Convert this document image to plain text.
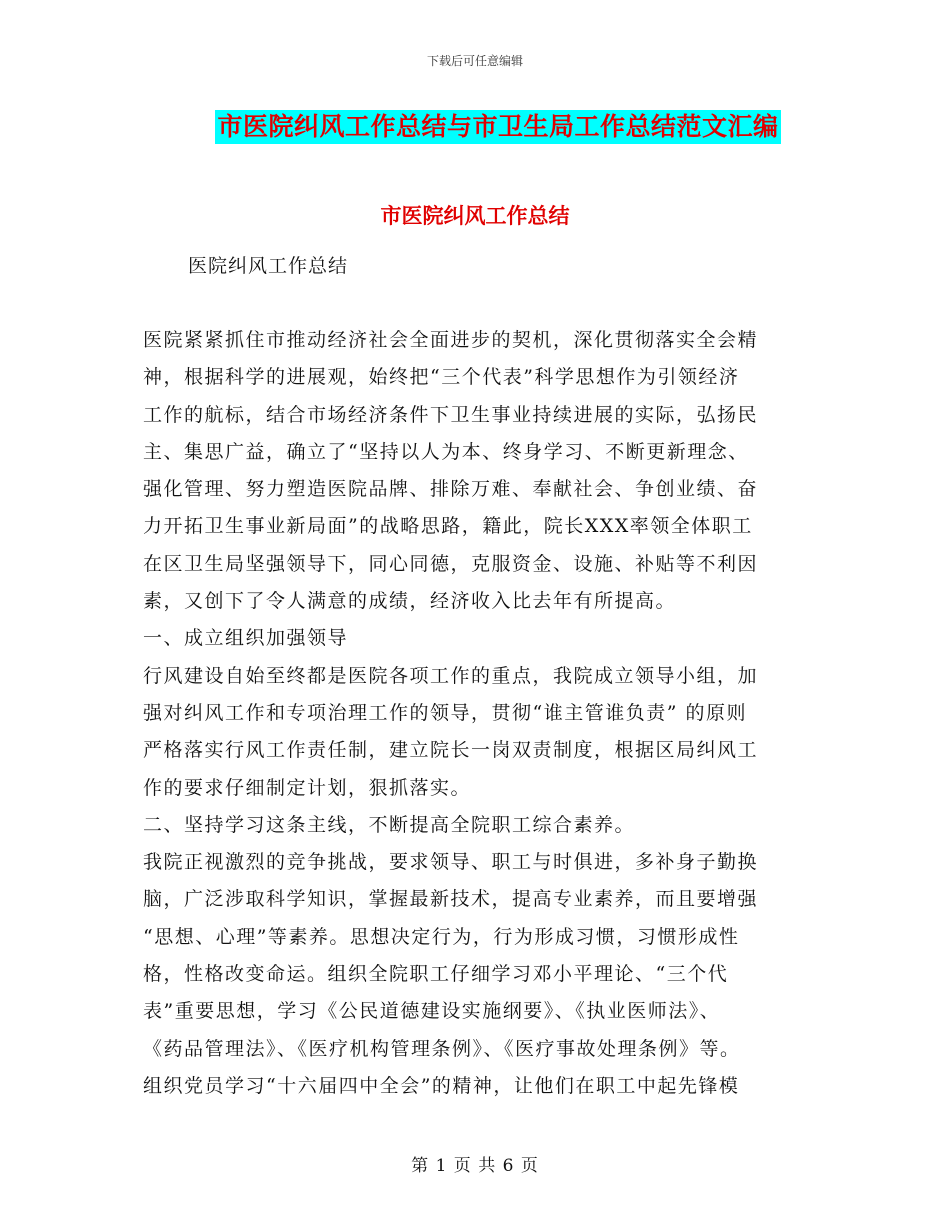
下载后可任意编辑
市医院纠风工作总结与市卫生局工作总结范文汇编
市医院纠风工作总结
医院纠风工作总结

医院紧紧抓住市推动经济社会全面进步的契机，深化贯彻落实全会精

神，根据科学的进展观，始终把“三个代表”科学思想作为引领经济

工作的航标，结合市场经济条件下卫生事业持续进展的实际，弘扬民

主、集思广益，确立了“坚持以人为本、终身学习、不断更新理念、

强化管理、努力塑造医院品牌、排除万难、奉献社会、争创业绩、奋

力开拓卫生事业新局面”的战略思路，籍此，院长XXX率领全体职工

在区卫生局坚强领导下，同心同德，克服资金、设施、补贴等不利因

素，又创下了令人满意的成绩，经济收入比去年有所提高。

一、成立组织加强领导

行风建设自始至终都是医院各项工作的重点，我院成立领导小组，加

强对纠风工作和专项治理工作的领导，贯彻“谁主管谁负责” 的原则

严格落实行风工作责任制，建立院长一岗双责制度，根据区局纠风工

作的要求仔细制定计划，狠抓落实。

二、坚持学习这条主线，不断提高全院职工综合素养。

我院正视激烈的竞争挑战，要求领导、职工与时俱进，多补身子勤换

脑，广泛涉取科学知识，掌握最新技术，提高专业素养，而且要增强

“思想、心理”等素养。思想决定行为，行为形成习惯，习惯形成性

格，性格改变命运。组织全院职工仔细学习邓小平理论、“三个代

表”重要思想，学习《公民道德建设实施纲要》、《执业医师法》、

《药品管理法》、《医疗机构管理条例》、《医疗事故处理条例》等。

组织党员学习“十六届四中全会”的精神，让他们在职工中起先锋模

第 1 页 共 6 页
